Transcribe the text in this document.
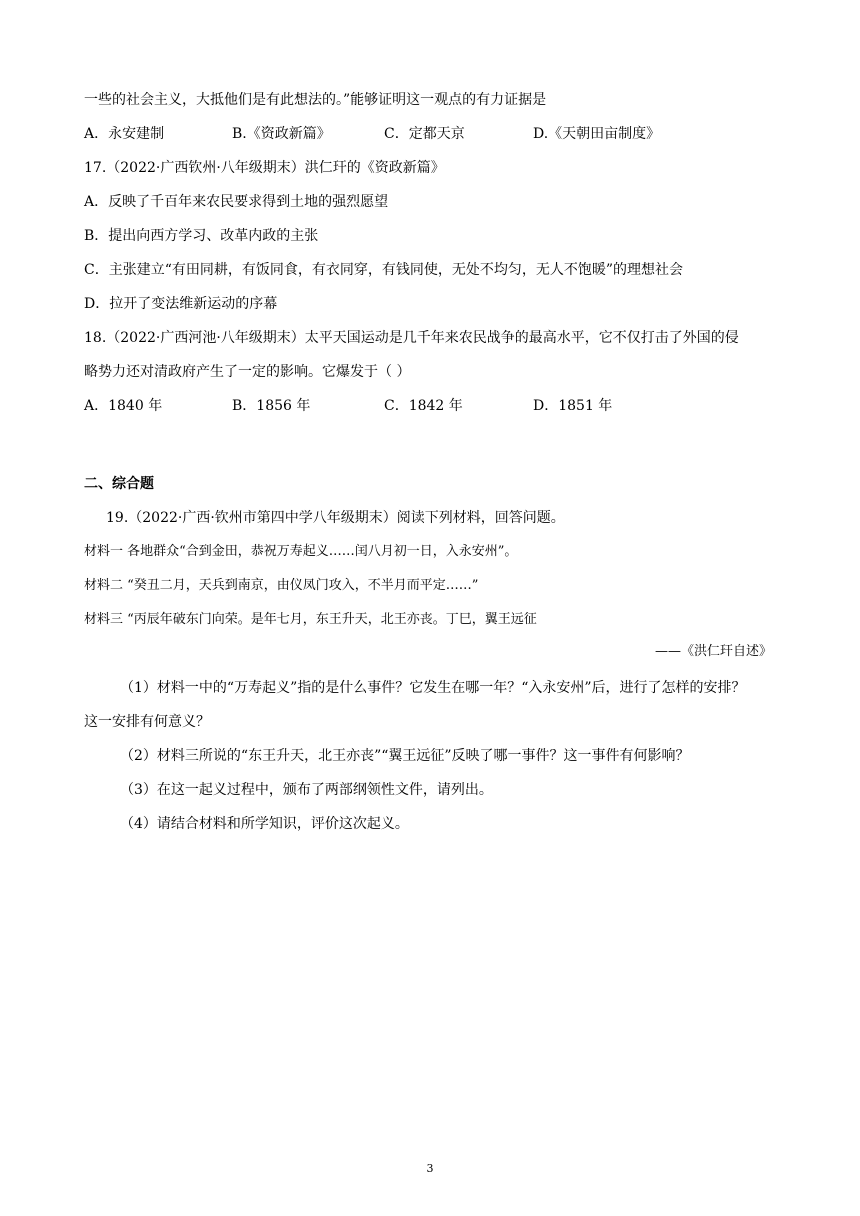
一些的社会主义，大抵他们是有此想法的。”能够证明这一观点的有力证据是
A．永安建制	B.《资政新篇》	C．定都天京	D.《天朝田亩制度》
17.（2022·广西钦州·八年级期末）洪仁玕的《资政新篇》
A．反映了千百年来农民要求得到土地的强烈愿望
B．提出向西方学习、改革内政的主张
C．主张建立“有田同耕，有饭同食，有衣同穿，有钱同使，无处不均匀，无人不饱暖”的理想社会
D．拉开了变法维新运动的序幕
18.（2022·广西河池·八年级期末）太平天国运动是几千年来农民战争的最高水平，它不仅打击了外国的侵
略势力还对清政府产生了一定的影响。它爆发于（ ）
A．1840 年	B．1856 年	C．1842 年	D．1851 年
二、综合题
19.（2022·广西·钦州市第四中学八年级期末）阅读下列材料，回答问题。
材料一 各地群众“合到金田，恭祝万寿起义……闰八月初一日，入永安州”。
材料二 “癸丑二月，天兵到南京，由仪凤门攻入，不半月而平定……”
材料三 “丙辰年破东门向荣。是年七月，东王升天，北王亦丧。丁巳，翼王远征
——《洪仁玕自述》
（1）材料一中的“万寿起义”指的是什么事件？它发生在哪一年？“入永安州”后，进行了怎样的安排？
这一安排有何意义？
（2）材料三所说的“东王升天，北王亦丧”“翼王远征”反映了哪一事件？这一事件有何影响？
（3）在这一起义过程中，颁布了两部纲领性文件，请列出。
（4）请结合材料和所学知识，评价这次起义。
3
